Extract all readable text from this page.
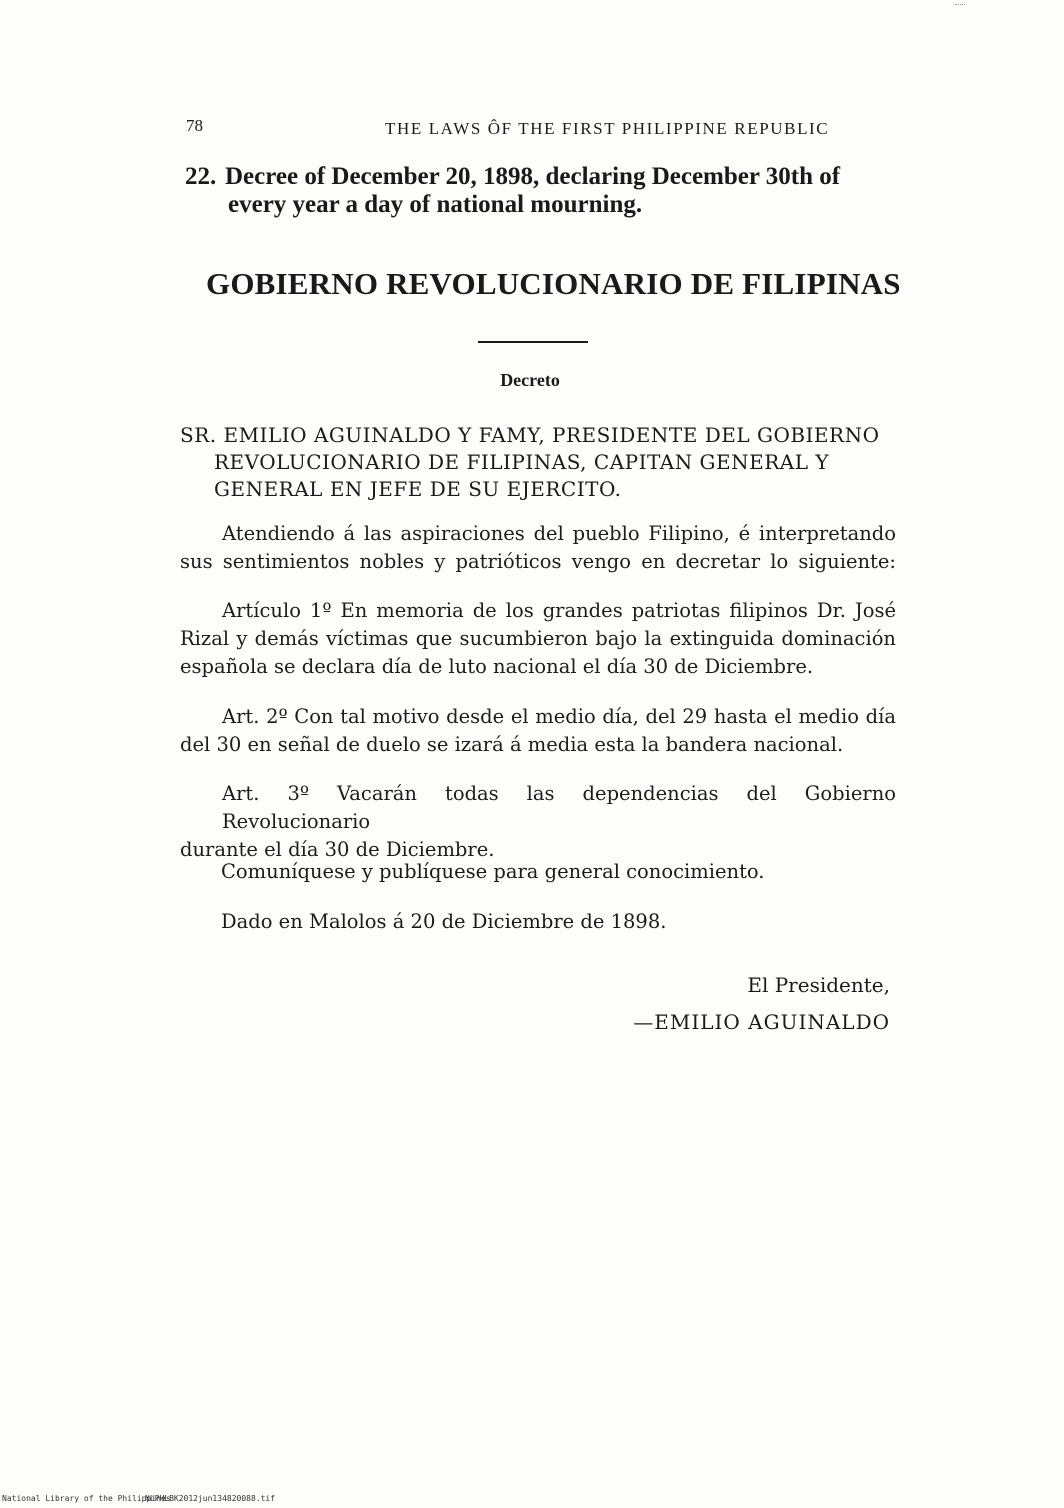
78	THE LAWS ÔF THE FIRST PHILIPPINE REPUBLIC
22. Decree of December 20, 1898, declaring December 30th of
every year a day of national mourning.
GOBIERNO REVOLUCIONARIO DE FILIPINAS
Decreto
SR. EMILIO AGUINALDO Y FAMY, PRESIDENTE DEL GOBIERNO
REVOLUCIONARIO DE FILIPINAS, CAPITAN GENERAL Y
GENERAL EN JEFE DE SU EJERCITO.
Atendiendo á las aspiraciones del pueblo Filipino, é interpretando
sus sentimientos nobles y patrióticos vengo en decretar lo siguiente:
Artículo 1º En memoria de los grandes patriotas filipinos Dr. José
Rizal y demás víctimas que sucumbieron bajo la extinguida dominación
española se declara día de luto nacional el día 30 de Diciembre.
Art. 2º Con tal motivo desde el medio día, del 29 hasta el medio día
del 30 en señal de duelo se izará á media esta la bandera nacional.
Art. 3º Vacarán todas las dependencias del Gobierno Revolucionario
durante el día 30 de Diciembre.
Comuníquese y publíquese para general conocimiento.
Dado en Malolos á 20 de Diciembre de 1898.
El Presidente,
—EMILIO AGUINALDO
National Library of the Philippines
NLPHLBK2012jun134820088.tif
